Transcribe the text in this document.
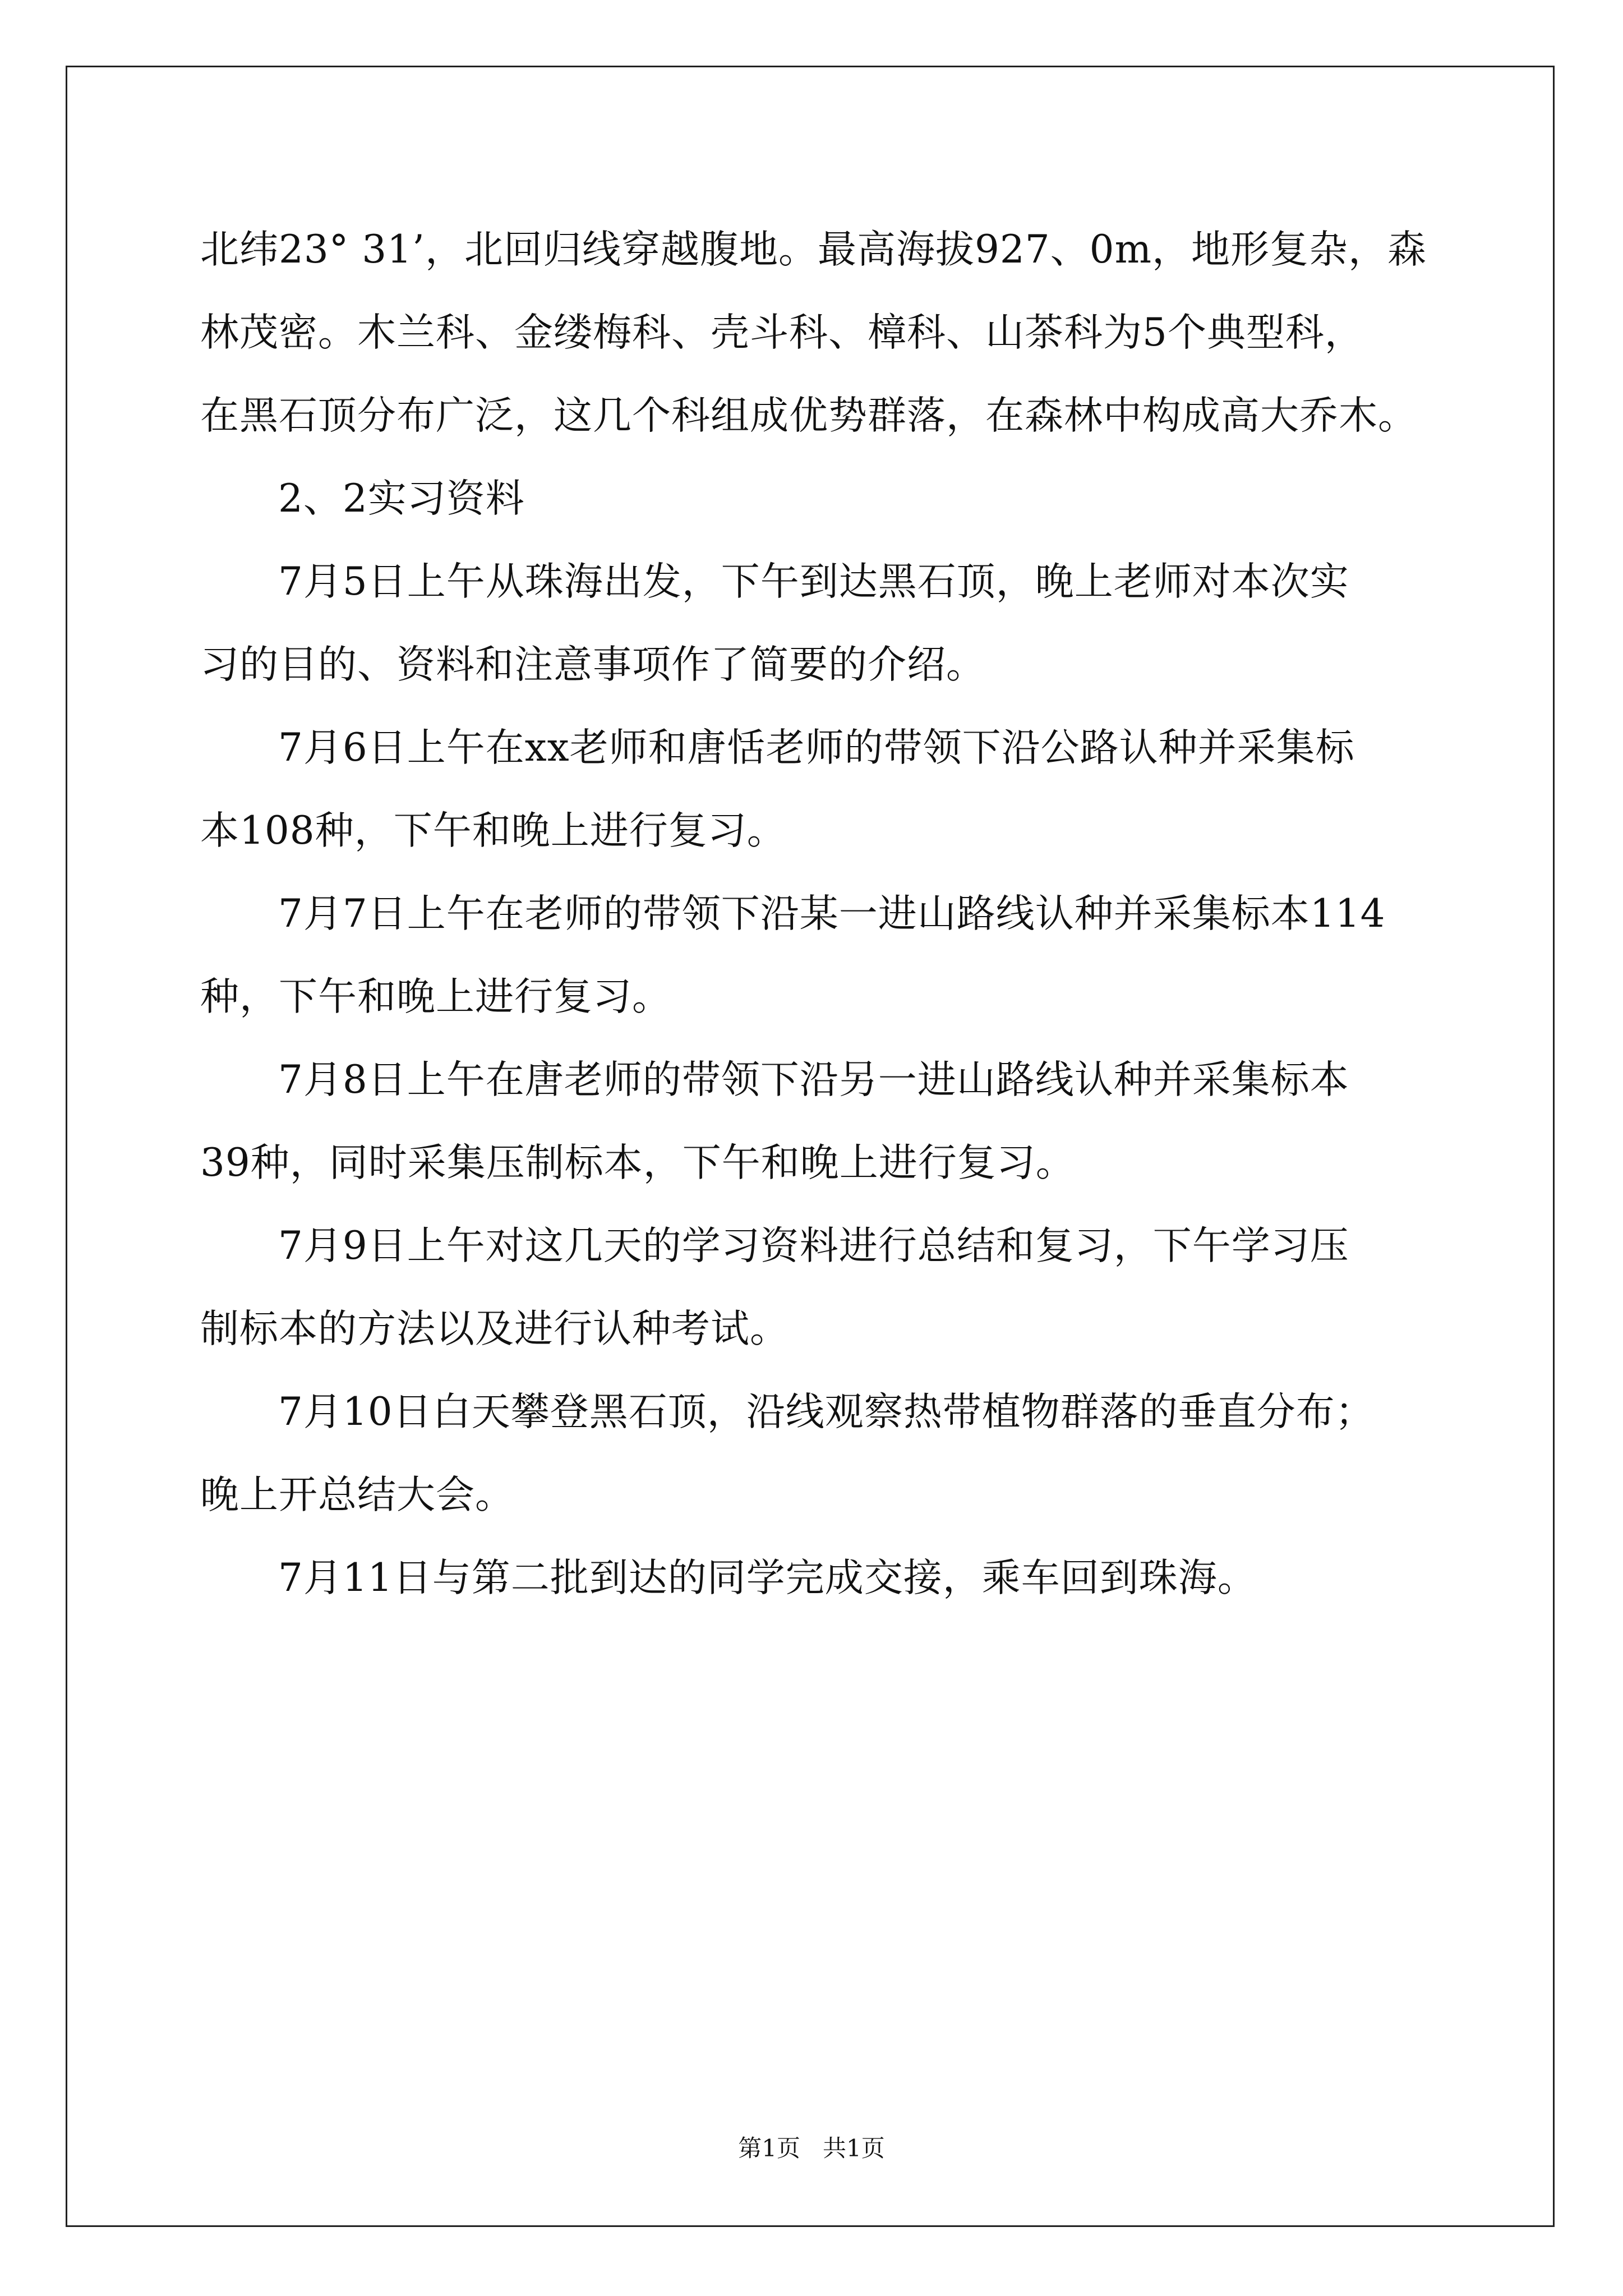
北纬23° 31’，北回归线穿越腹地。最高海拔927、0m，地形复杂，森
林茂密。木兰科、金缕梅科、壳斗科、樟科、山茶科为5个典型科，
在黑石顶分布广泛，这几个科组成优势群落，在森林中构成高大乔木。
2、2实习资料
7月5日上午从珠海出发，下午到达黑石顶，晚上老师对本次实
习的目的、资料和注意事项作了简要的介绍。
7月6日上午在xx老师和唐恬老师的带领下沿公路认种并采集标
本108种，下午和晚上进行复习。
7月7日上午在老师的带领下沿某一进山路线认种并采集标本114
种，下午和晚上进行复习。
7月8日上午在唐老师的带领下沿另一进山路线认种并采集标本
39种，同时采集压制标本，下午和晚上进行复习。
7月9日上午对这几天的学习资料进行总结和复习，下午学习压
制标本的方法以及进行认种考试。
7月10日白天攀登黑石顶，沿线观察热带植物群落的垂直分布；
晚上开总结大会。
7月11日与第二批到达的同学完成交接，乘车回到珠海。
第1页 共1页
